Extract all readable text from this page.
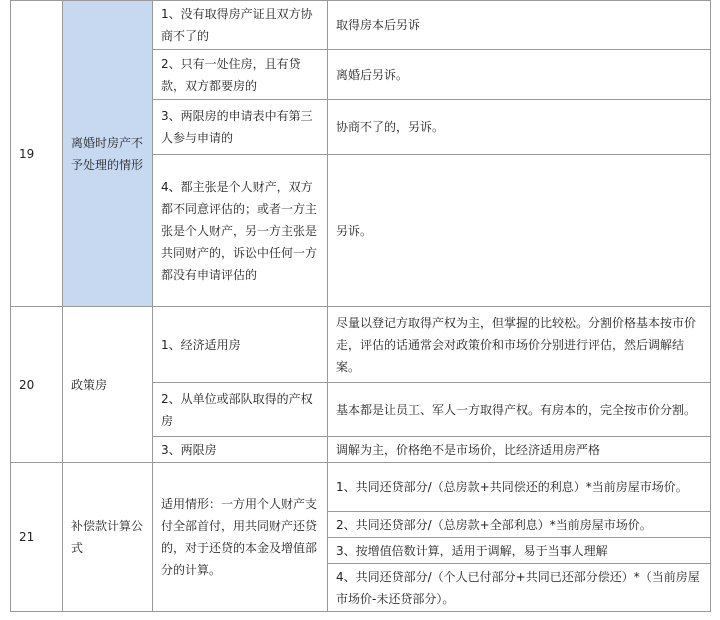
19	离婚时房产不予处理的情形	1、没有取得房产证且双方协商不了的	取得房本后另诉
		2、只有一处住房，且有贷款，双方都要房的	离婚后另诉。
		3、两限房的申请表中有第三人参与申请的	协商不了的，另诉。
		4、都主张是个人财产，双方都不同意评估的；或者一方主张是个人财产，另一方主张是共同财产的，诉讼中任何一方都没有申请评估的	另诉。
20	政策房	1、经济适用房	尽量以登记方取得产权为主，但掌握的比较松。分割价格基本按市价走，评估的话通常会对政策价和市场价分别进行评估，然后调解结案。
		2、从单位或部队取得的产权房	基本都是让员工、军人一方取得产权。有房本的，完全按市价分割。
		3、两限房	调解为主，价格绝不是市场价，比经济适用房严格
21	补偿款计算公式	适用情形：一方用个人财产支付全部首付，用共同财产还贷的，对于还贷的本金及增值部分的计算。	1、共同还贷部分/（总房款+共同偿还的利息）*当前房屋市场价。
			2、共同还贷部分/（总房款+全部利息）*当前房屋市场价。
			3、按增值倍数计算，适用于调解，易于当事人理解
			4、共同还贷部分/（个人已付部分+共同已还部分偿还）*（当前房屋市场价-未还贷部分）。
